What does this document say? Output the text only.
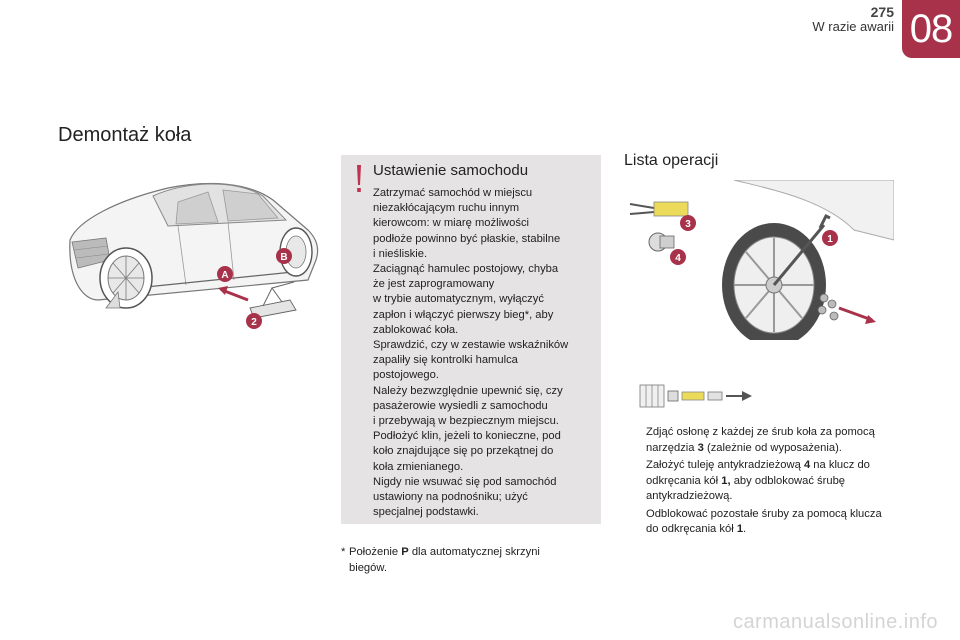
275
W razie awarii 08
Demontaż koła
A
B
2
Ustawienie samochodu
Zatrzymać samochód w miejscu
niezakłócającym ruchu innym
kierowcom: w miarę możliwości
podłoże powinno być płaskie, stabilne
i nieśliskie.
Zaciągnąć hamulec postojowy, chyba
że jest zaprogramowany
w trybie automatycznym, wyłączyć
zapłon i włączyć pierwszy bieg*, aby
zablokować koła.
Sprawdzić, czy w zestawie wskaźników
zapaliły się kontrolki hamulca
postojowego.
Należy bezwzględnie upewnić się, czy
pasażerowie wysiedli z samochodu
i przebywają w bezpiecznym miejscu.
Podłożyć klin, jeżeli to konieczne, pod
koło znajdujące się po przekątnej do
koła zmienianego.
Nigdy nie wsuwać się pod samochód
ustawiony na podnośniku; użyć
specjalnej podstawki.
* Położenie P dla automatycznej skrzyni
biegów.
Lista operacji
1
3
4
Zdjąć osłonę z każdej ze śrub koła za pomocą narzędzia 3 (zależnie od wyposażenia).
Założyć tuleję antykradzieżową 4 na klucz do odkręcania kół 1, aby odblokować śrubę antykradzieżową.
Odblokować pozostałe śruby za pomocą klucza do odkręcania kół 1.
carmanualsonline.info
